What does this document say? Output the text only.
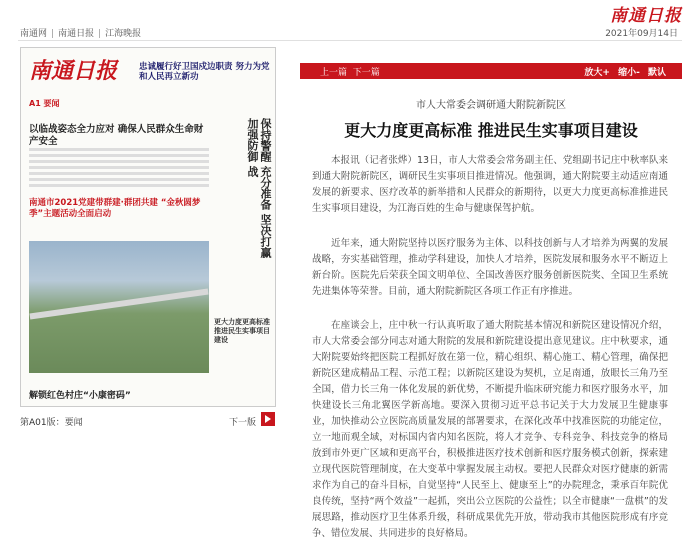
南通日报
南通网 | 南通日报 | 江海晚报	2021年09月14日
南通日报
A1 要闻
忠诚履行好卫国戍边职责 努力为党和人民再立新功
以临战姿态全力应对 确保人民群众生命财产安全	保持警醒 充分准备 坚决打赢 加强防御 战
南通市2021党建带群建·群团共建 “金秋圆梦季”主题活动全面启动
更大力度更高标准 推进民生实事项目建设
解锁红色村庄“小康密码”
第A01版：要闻	下一版
上一篇 下一篇	放大+ 缩小- 默认
市人大常委会调研通大附院新院区
更大力度更高标准 推进民生实事项目建设

本报讯（记者张烨）13日，市人大常委会常务副主任、党组副书记庄中秋率队来到通大附院新院区，调研民生实事项目推进情况。他强调，通大附院要主动适应南通发展的新要求、医疗改革的新举措和人民群众的新期待，以更大力度更高标准推进民生实事项目建设，为江海百姓的生命与健康保驾护航。

近年来，通大附院坚持以医疗服务为主体、以科技创新与人才培养为两翼的发展战略，夯实基础管理，推动学科建设，加快人才培养，医院发展和服务水平不断迈上新台阶。医院先后荣获全国文明单位、全国改善医疗服务创新医院奖、全国卫生系统先进集体等荣誉。目前，通大附院新院区各项工作正有序推进。

在座谈会上，庄中秋一行认真听取了通大附院基本情况和新院区建设情况介绍，市人大常委会部分同志对通大附院的发展和新院建设提出意见建议。庄中秋要求，通大附院要始终把医院工程抓好放在第一位，精心组织、精心施工、精心管理，确保把新院区建成精品工程、示范工程；以新院区建设为契机，立足南通，放眼长三角乃至全国，借力长三角一体化发展的新优势，不断提升临床研究能力和医疗服务水平，加快建设长三角北翼医学新高地。要深入贯彻习近平总书记关于大力发展卫生健康事业，加快推动公立医院高质量发展的部署要求，在深化改革中找准医院的功能定位，立一地而观全域，对标国内省内知名医院，将人才竞争、专科竞争、科技竞争的格局放到市外更广区域和更高平台，积极推进医疗技术创新和医疗服务模式创新，探索建立现代医院管理制度，在大变革中掌握发展主动权。要把人民群众对医疗健康的新需求作为自己的奋斗目标，自觉坚持“人民至上、健康至上”的办院理念，秉承百年院优良传统，坚持“两个效益”一起抓，突出公立医院的公益性；以全市健康“一盘棋”的发展思路，推动医疗卫生体系升级，科研成果优先开放，带动我市其他医院形成有序竞争、错位发展、共同进步的良好格局。
